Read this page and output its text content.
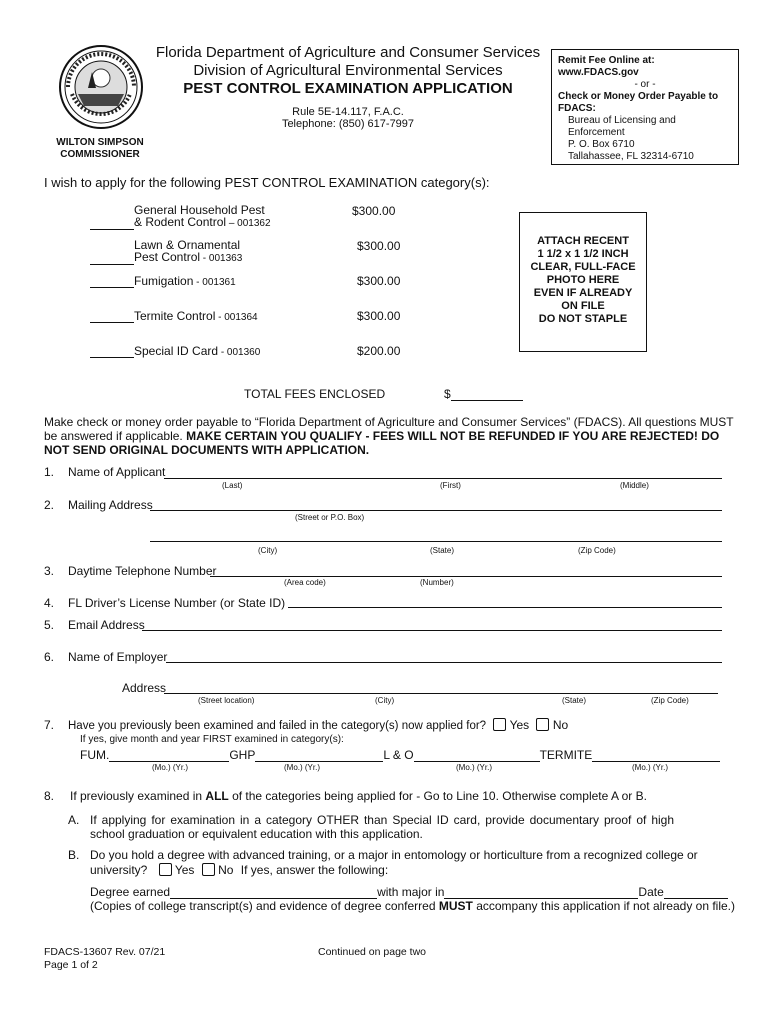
WILTON SIMPSON
COMMISSIONER
Florida Department of Agriculture and Consumer Services
Division of Agricultural Environmental Services
PEST CONTROL EXAMINATION APPLICATION
Rule 5E-14.117, F.A.C.
Telephone: (850) 617-7997
Remit Fee Online at:
www.FDACS.gov
- or -
Check or Money Order Payable to FDACS:
Bureau of Licensing and Enforcement
P. O. Box 6710
Tallahassee, FL 32314-6710
I wish to apply for the following PEST CONTROL EXAMINATION category(s):
General Household Pest
& Rodent Control – 001362
$300.00
Lawn & Ornamental
Pest Control - 001363
$300.00
Fumigation - 001361	$300.00
Termite Control - 001364	$300.00
Special ID Card - 001360	$200.00
ATTACH RECENT
1 1/2 x 1 1/2 INCH
CLEAR, FULL-FACE
PHOTO HERE
EVEN IF ALREADY
ON FILE
DO NOT STAPLE
TOTAL FEES ENCLOSED	$
Make check or money order payable to “Florida Department of Agriculture and Consumer Services” (FDACS). All questions MUST be answered if applicable. MAKE CERTAIN YOU QUALIFY - FEES WILL NOT BE REFUNDED IF YOU ARE REJECTED! DO NOT SEND ORIGINAL DOCUMENTS WITH APPLICATION.
1. Name of Applicant
(Last)	(First)	(Middle)
2. Mailing Address
(Street or P.O. Box)
(City)	(State)	(Zip Code)
3. Daytime Telephone Number
(Area code)	(Number)
4. FL Driver’s License Number (or State ID)
5. Email Address
6. Name of Employer
Address
(Street location)	(City)	(State)	(Zip Code)
7. Have you previously been examined and failed in the category(s) now applied for? Yes No
If yes, give month and year FIRST examined in category(s):
FUM.	GHP	L & O	TERMITE
(Mo.) (Yr.)	(Mo.) (Yr.)	(Mo.) (Yr.)	(Mo.) (Yr.)
8. If previously examined in ALL of the categories being applied for - Go to Line 10. Otherwise complete A or B.
A. If applying for examination in a category OTHER than Special ID card, provide documentary proof of high school graduation or equivalent education with this application.
B. Do you hold a degree with advanced training, or a major in entomology or horticulture from a recognized college or
university? Yes No If yes, answer the following:
Degree earned	with major in	Date
(Copies of college transcript(s) and evidence of degree conferred MUST accompany this application if not already on file.)
FDACS-13607 Rev. 07/21
Page 1 of 2
Continued on page two
